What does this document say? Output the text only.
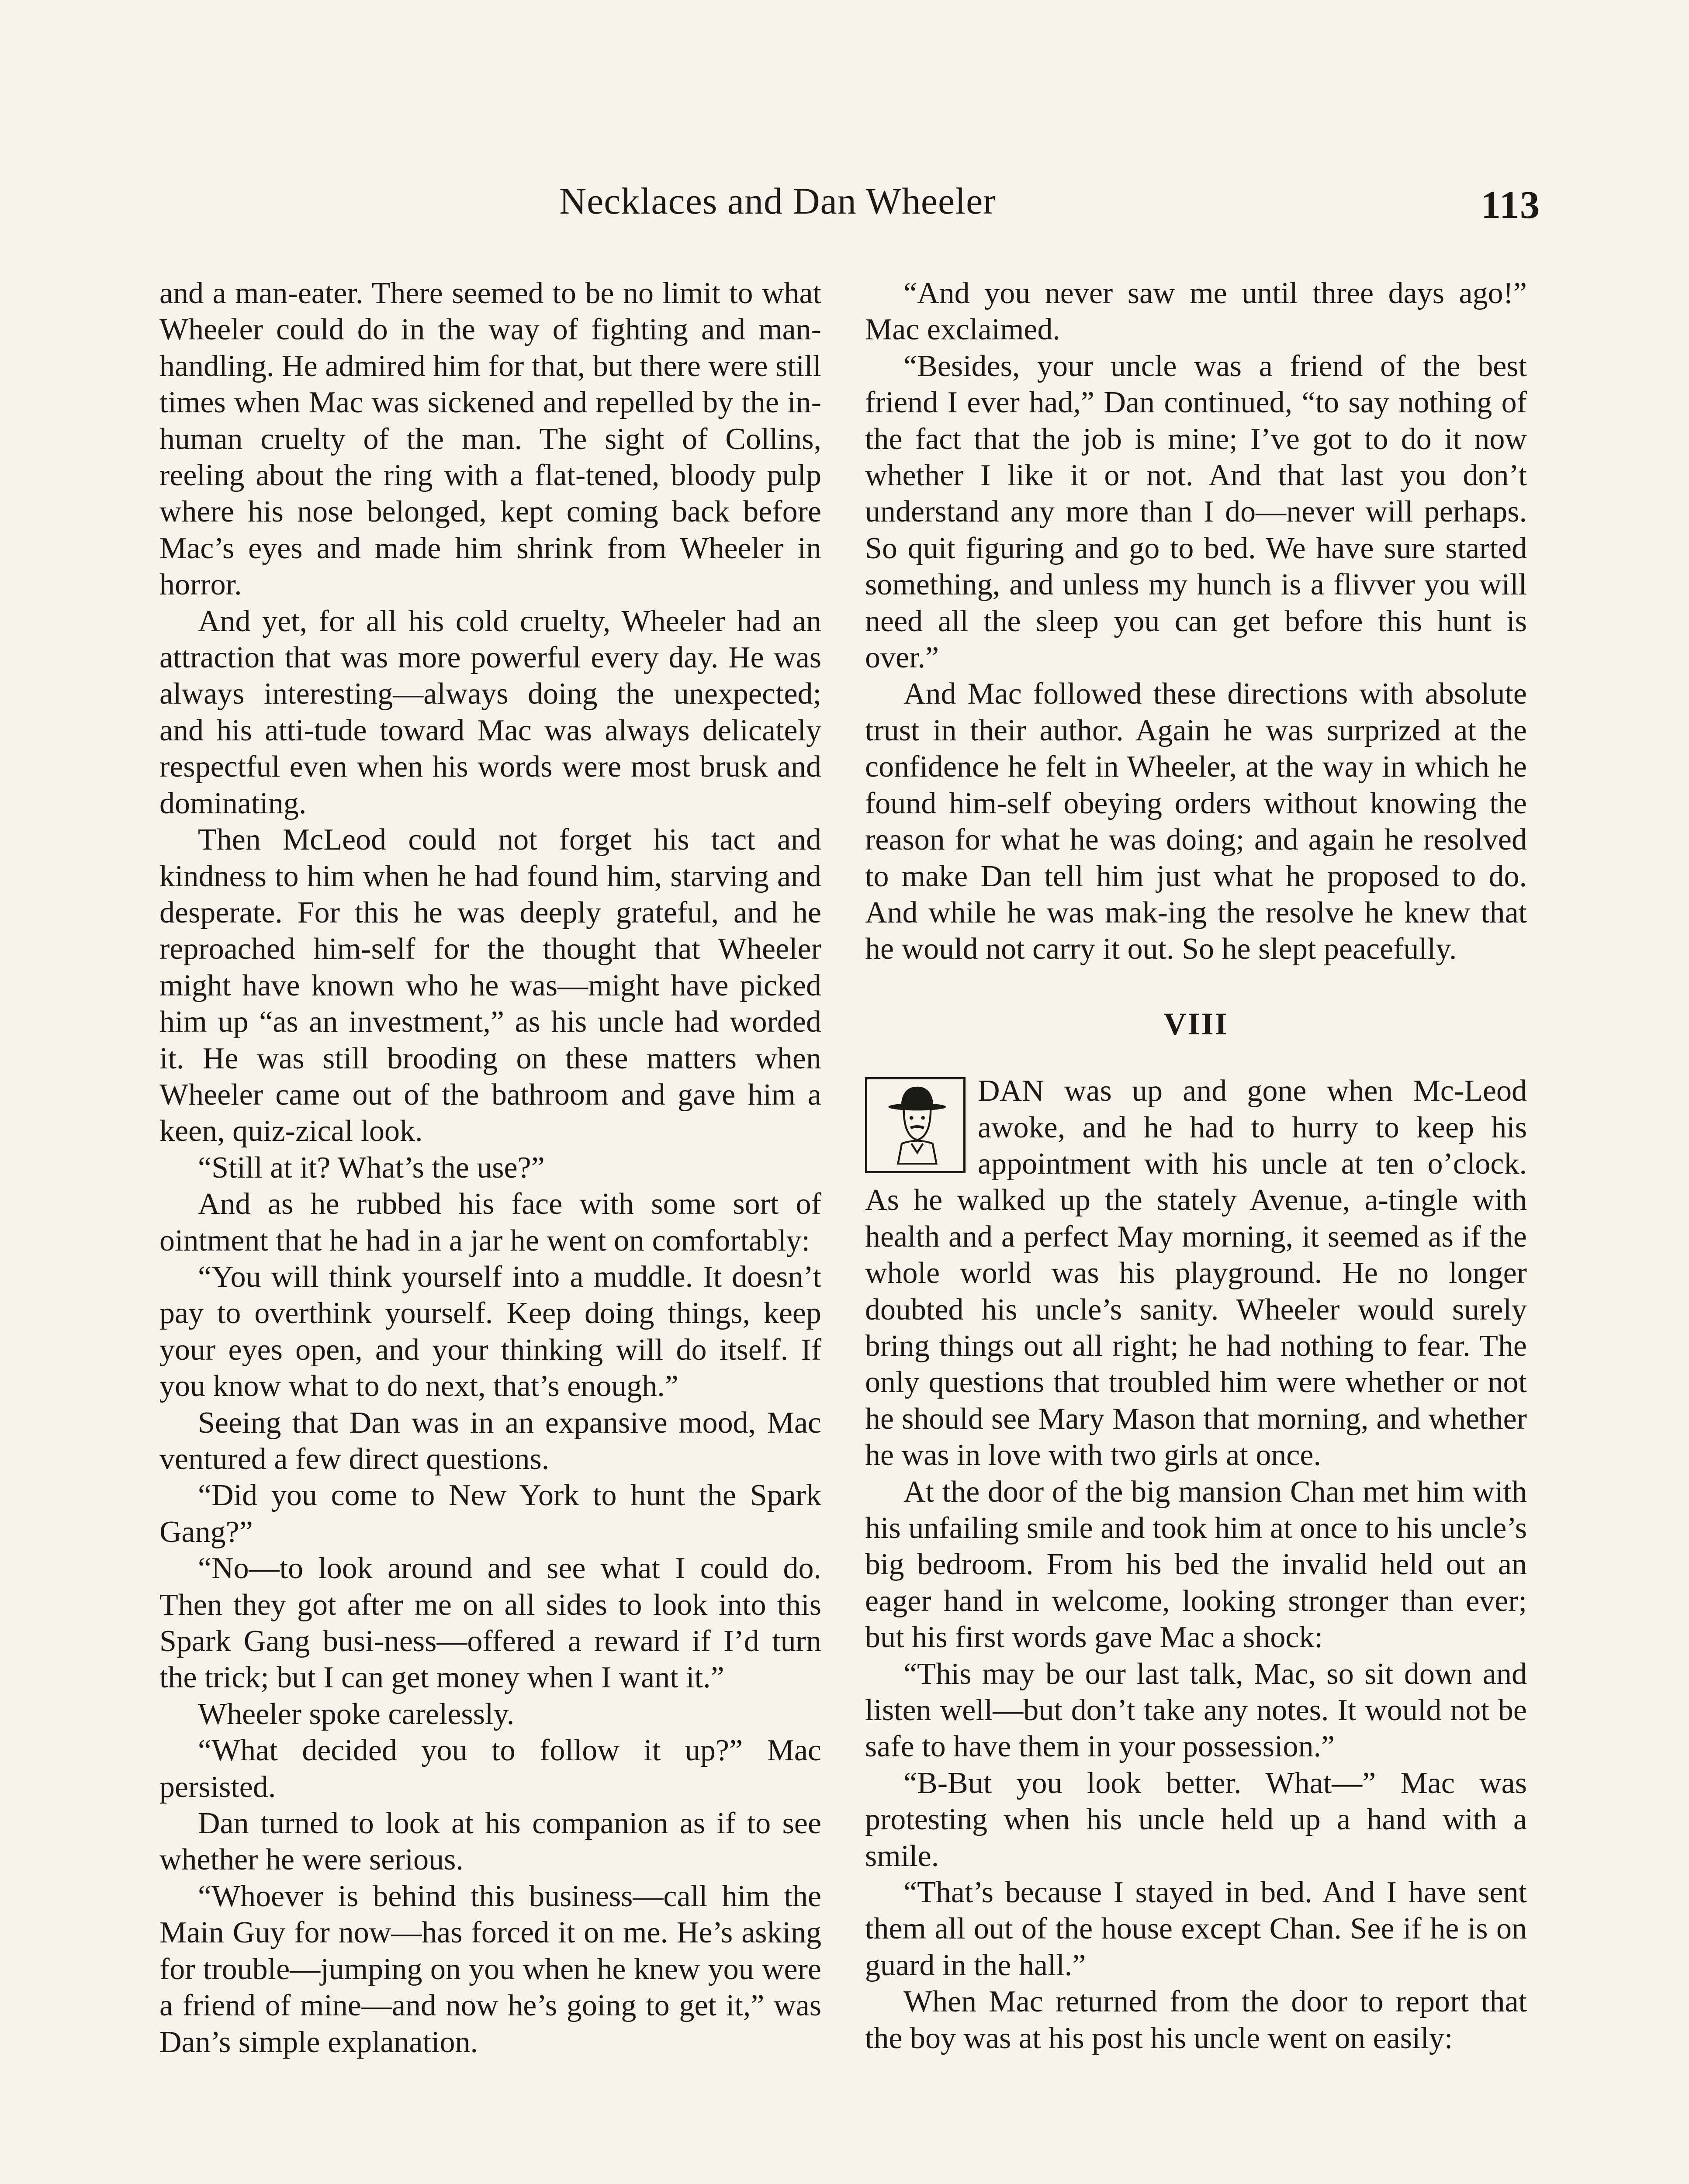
Necklaces and Dan Wheeler	113

and a man-eater. There seemed to be no limit to what Wheeler could do in the way of fighting and man-handling. He admired him for that, but there were still times when Mac was sickened and repelled by the in-human cruelty of the man. The sight of Collins, reeling about the ring with a flat-tened, bloody pulp where his nose belonged, kept coming back before Mac’s eyes and made him shrink from Wheeler in horror.

And yet, for all his cold cruelty, Wheeler had an attraction that was more powerful every day. He was always interesting—always doing the unexpected; and his atti-tude toward Mac was always delicately respectful even when his words were most brusk and dominating.

Then McLeod could not forget his tact and kindness to him when he had found him, starving and desperate. For this he was deeply grateful, and he reproached him-self for the thought that Wheeler might have known who he was—might have picked him up “as an investment,” as his uncle had worded it. He was still brooding on these matters when Wheeler came out of the bathroom and gave him a keen, quiz-zical look.

“Still at it? What’s the use?”

And as he rubbed his face with some sort of ointment that he had in a jar he went on comfortably:

“You will think yourself into a muddle. It doesn’t pay to overthink yourself. Keep doing things, keep your eyes open, and your thinking will do itself. If you know what to do next, that’s enough.”

Seeing that Dan was in an expansive mood, Mac ventured a few direct questions.

“Did you come to New York to hunt the Spark Gang?”

“No—to look around and see what I could do. Then they got after me on all sides to look into this Spark Gang busi-ness—offered a reward if I’d turn the trick; but I can get money when I want it.”

Wheeler spoke carelessly.

“What decided you to follow it up?” Mac persisted.

Dan turned to look at his companion as if to see whether he were serious.

“Whoever is behind this business—call him the Main Guy for now—has forced it on me. He’s asking for trouble—jumping on you when he knew you were a friend of mine—and now he’s going to get it,” was Dan’s simple explanation.

“And you never saw me until three days ago!” Mac exclaimed.

“Besides, your uncle was a friend of the best friend I ever had,” Dan continued, “to say nothing of the fact that the job is mine; I’ve got to do it now whether I like it or not. And that last you don’t understand any more than I do—never will perhaps. So quit figuring and go to bed. We have sure started something, and unless my hunch is a flivver you will need all the sleep you can get before this hunt is over.”

And Mac followed these directions with absolute trust in their author. Again he was surprized at the confidence he felt in Wheeler, at the way in which he found him-self obeying orders without knowing the reason for what he was doing; and again he resolved to make Dan tell him just what he proposed to do. And while he was mak-ing the resolve he knew that he would not carry it out. So he slept peacefully.

VIII

DAN was up and gone when Mc-Leod awoke, and he had to hurry to keep his appointment with his uncle at ten o’clock. As he walked up the stately Avenue, a-tingle with health and a perfect May morning, it seemed as if the whole world was his playground. He no longer doubted his uncle’s sanity. Wheeler would surely bring things out all right; he had nothing to fear. The only questions that troubled him were whether or not he should see Mary Mason that morning, and whether he was in love with two girls at once.

At the door of the big mansion Chan met him with his unfailing smile and took him at once to his uncle’s big bedroom. From his bed the invalid held out an eager hand in welcome, looking stronger than ever; but his first words gave Mac a shock:

“This may be our last talk, Mac, so sit down and listen well—but don’t take any notes. It would not be safe to have them in your possession.”

“B-But you look better. What—” Mac was protesting when his uncle held up a hand with a smile.

“That’s because I stayed in bed. And I have sent them all out of the house except Chan. See if he is on guard in the hall.”

When Mac returned from the door to report that the boy was at his post his uncle went on easily:
